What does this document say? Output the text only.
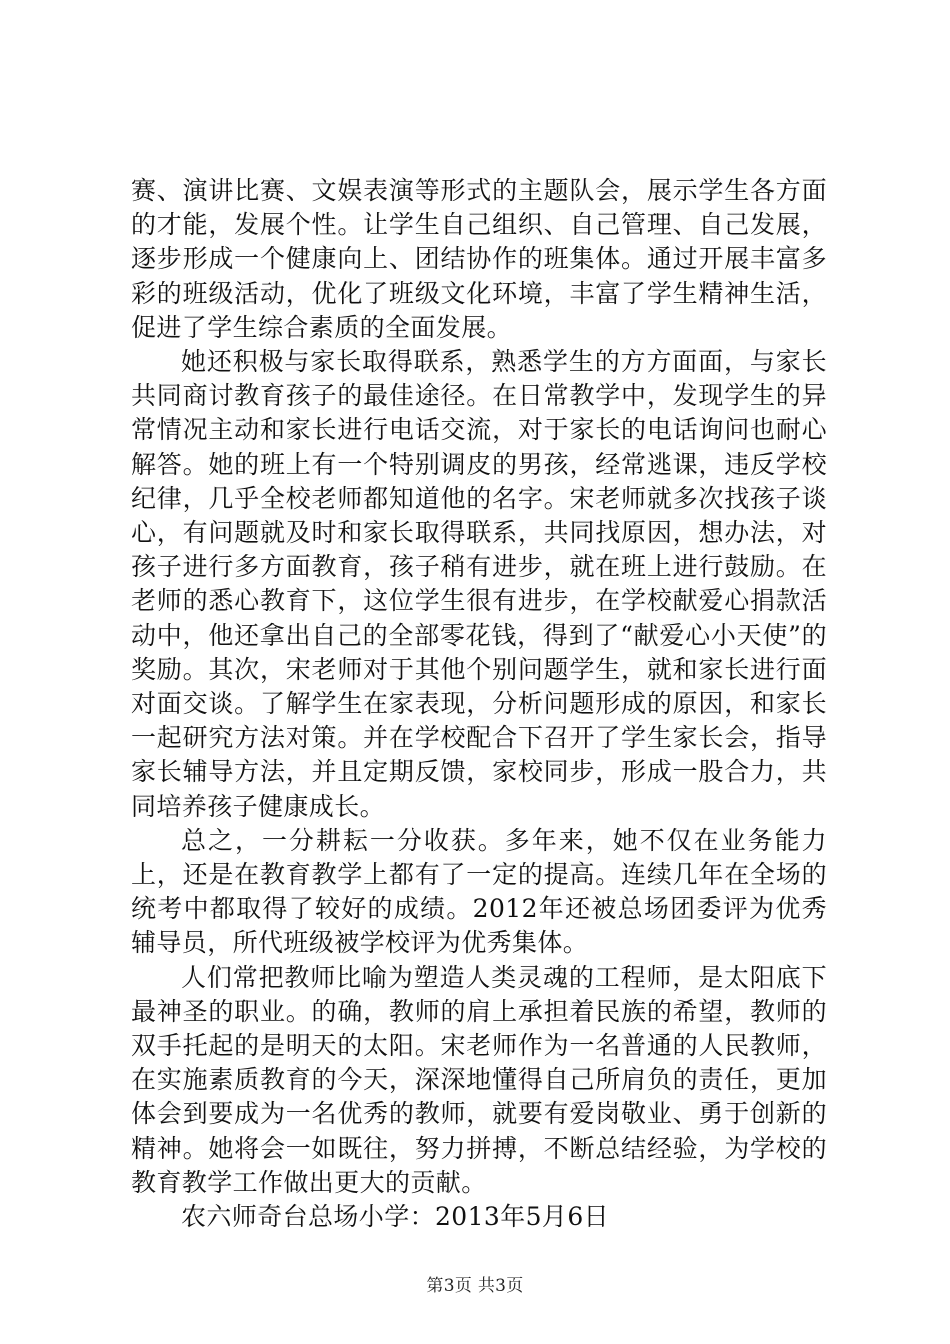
赛、演讲比赛、文娱表演等形式的主题队会，展示学生各方面的才能，发展个性。让学生自己组织、自己管理、自己发展，逐步形成一个健康向上、团结协作的班集体。通过开展丰富多彩的班级活动，优化了班级文化环境，丰富了学生精神生活，促进了学生综合素质的全面发展。

她还积极与家长取得联系，熟悉学生的方方面面，与家长共同商讨教育孩子的最佳途径。在日常教学中，发现学生的异常情况主动和家长进行电话交流，对于家长的电话询问也耐心解答。她的班上有一个特别调皮的男孩，经常逃课，违反学校纪律，几乎全校老师都知道他的名字。宋老师就多次找孩子谈心，有问题就及时和家长取得联系，共同找原因，想办法，对孩子进行多方面教育，孩子稍有进步，就在班上进行鼓励。在老师的悉心教育下，这位学生很有进步，在学校献爱心捐款活动中，他还拿出自己的全部零花钱，得到了“献爱心小天使”的奖励。其次，宋老师对于其他个别问题学生，就和家长进行面对面交谈。了解学生在家表现，分析问题形成的原因，和家长一起研究方法对策。并在学校配合下召开了学生家长会，指导家长辅导方法，并且定期反馈，家校同步，形成一股合力，共同培养孩子健康成长。

总之，一分耕耘一分收获。多年来，她不仅在业务能力上，还是在教育教学上都有了一定的提高。连续几年在全场的统考中都取得了较好的成绩。2012年还被总场团委评为优秀辅导员，所代班级被学校评为优秀集体。

人们常把教师比喻为塑造人类灵魂的工程师，是太阳底下最神圣的职业。的确，教师的肩上承担着民族的希望，教师的双手托起的是明天的太阳。宋老师作为一名普通的人民教师，在实施素质教育的今天，深深地懂得自己所肩负的责任，更加体会到要成为一名优秀的教师，就要有爱岗敬业、勇于创新的精神。她将会一如既往，努力拼搏，不断总结经验，为学校的教育教学工作做出更大的贡献。

农六师奇台总场小学：2013年5月6日

第3页 共3页
